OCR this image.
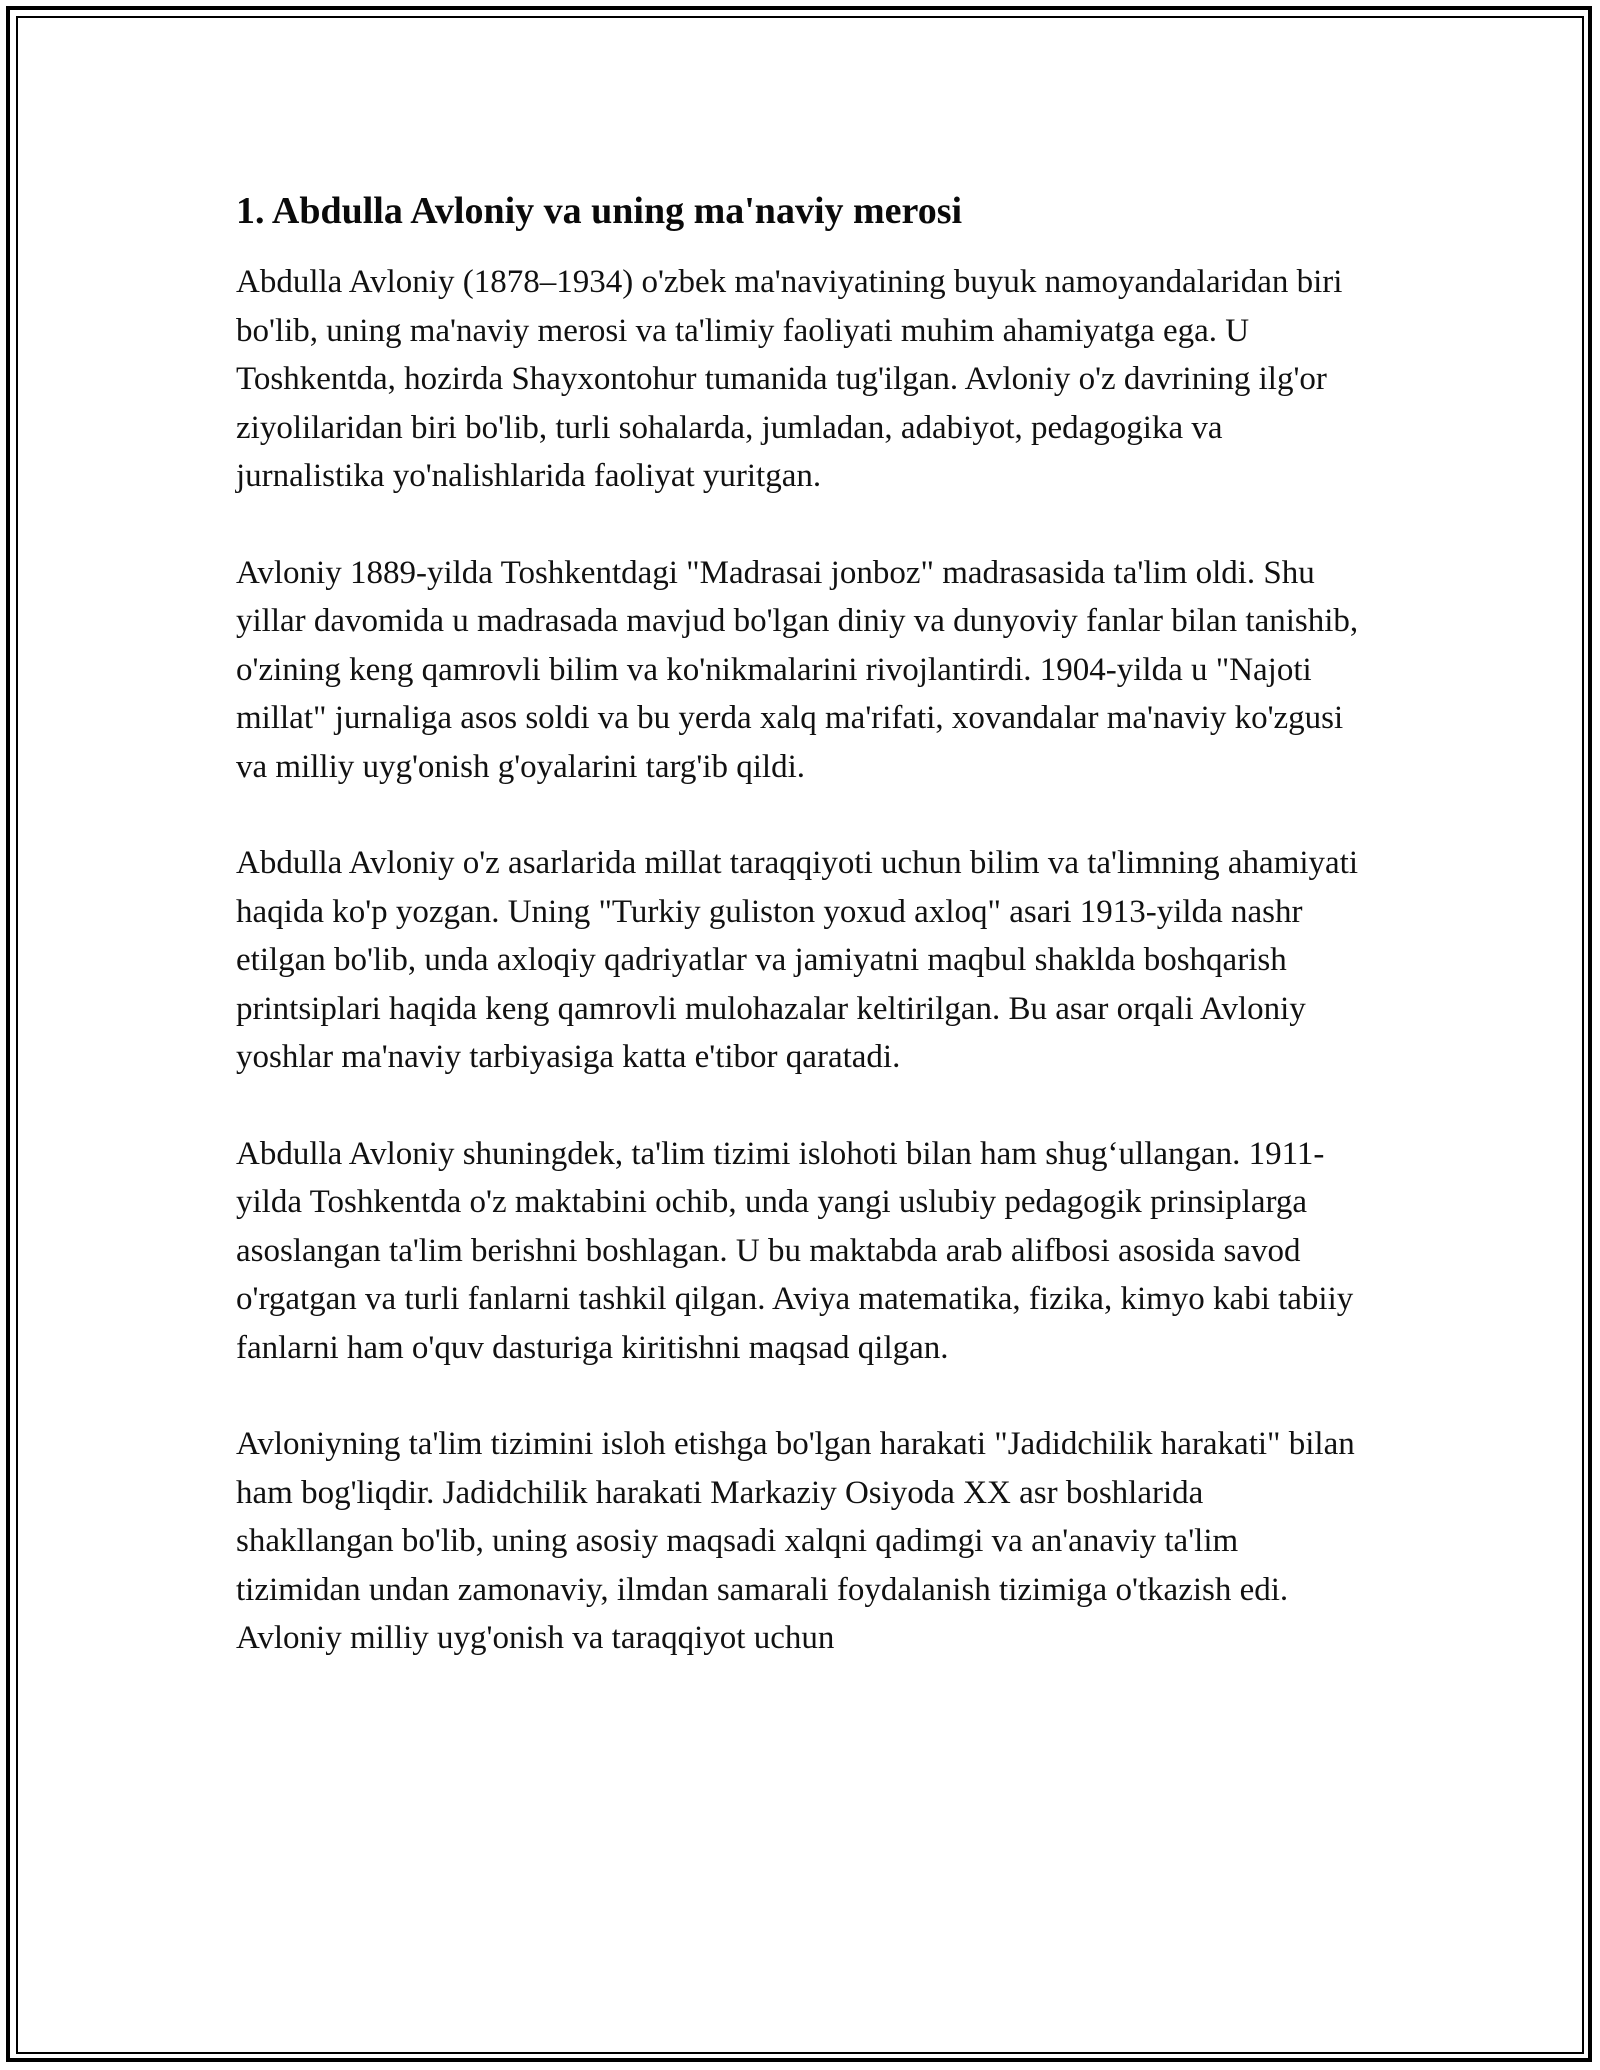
1. Abdulla Avloniy va uning ma'naviy merosi

Abdulla Avloniy (1878–1934) o'zbek ma'naviyatining buyuk namoyandalaridan biri bo'lib, uning ma'naviy merosi va ta'limiy faoliyati muhim ahamiyatga ega. U Toshkentda, hozirda Shayxontohur tumanida tug'ilgan. Avloniy o'z davrining ilg'or ziyolilaridan biri bo'lib, turli sohalarda, jumladan, adabiyot, pedagogika va jurnalistika yo'nalishlarida faoliyat yuritgan.

Avloniy 1889-yilda Toshkentdagi "Madrasai jonboz" madrasasida ta'lim oldi. Shu yillar davomida u madrasada mavjud bo'lgan diniy va dunyoviy fanlar bilan tanishib, o'zining keng qamrovli bilim va ko'nikmalarini rivojlantirdi. 1904-yilda u "Najoti millat" jurnaliga asos soldi va bu yerda xalq ma'rifati, xovandalar ma'naviy ko'zgusi va milliy uyg'onish g'oyalarini targ'ib qildi.

Abdulla Avloniy o'z asarlarida millat taraqqiyoti uchun bilim va ta'limning ahamiyati haqida ko'p yozgan. Uning "Turkiy guliston yoxud axloq" asari 1913-yilda nashr etilgan bo'lib, unda axloqiy qadriyatlar va jamiyatni maqbul shaklda boshqarish printsiplari haqida keng qamrovli mulohazalar keltirilgan. Bu asar orqali Avloniy yoshlar ma'naviy tarbiyasiga katta e'tibor qaratadi.

Abdulla Avloniy shuningdek, ta'lim tizimi islohoti bilan ham shug‘ullangan. 1911-yilda Toshkentda o'z maktabini ochib, unda yangi uslubiy pedagogik prinsiplarga asoslangan ta'lim berishni boshlagan. U bu maktabda arab alifbosi asosida savod o'rgatgan va turli fanlarni tashkil qilgan. Aviya matematika, fizika, kimyo kabi tabiiy fanlarni ham o'quv dasturiga kiritishni maqsad qilgan.

Avloniyning ta'lim tizimini isloh etishga bo'lgan harakati "Jadidchilik harakati" bilan ham bog'liqdir. Jadidchilik harakati Markaziy Osiyoda XX asr boshlarida shakllangan bo'lib, uning asosiy maqsadi xalqni qadimgi va an'anaviy ta'lim tizimidan undan zamonaviy, ilmdan samarali foydalanish tizimiga o'tkazish edi. Avloniy milliy uyg'onish va taraqqiyot uchun
